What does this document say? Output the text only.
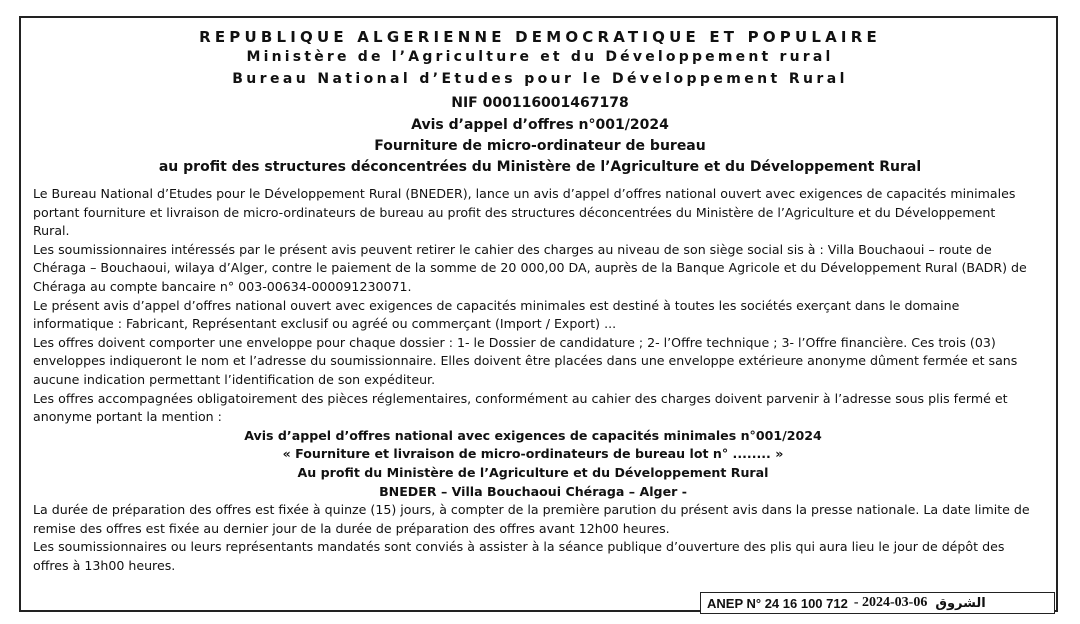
REPUBLIQUE ALGERIENNE DEMOCRATIQUE ET POPULAIRE
Ministère de l’Agriculture et du Développement rural
Bureau National d’Etudes pour le Développement Rural
NIF 000116001467178
Avis d’appel d’offres n°001/2024
Fourniture de micro-ordinateur de bureau
au profit des structures déconcentrées du Ministère de l’Agriculture et du Développement Rural

Le Bureau National d’Etudes pour le Développement Rural (BNEDER), lance un avis d’appel d’offres national ouvert avec exigences de capacités minimales portant fourniture et livraison de micro-ordinateurs de bureau au profit des structures déconcentrées du Ministère de l’Agriculture et du Développement Rural.

Les soumissionnaires intéressés par le présent avis peuvent retirer le cahier des charges au niveau de son siège social sis à : Villa Bouchaoui – route de Chéraga – Bouchaoui, wilaya d’Alger, contre le paiement de la somme de 20 000,00 DA, auprès de la Banque Agricole et du Développement Rural (BADR) de Chéraga au compte bancaire n° 003-00634-000091230071.

Le présent avis d’appel d’offres national ouvert avec exigences de capacités minimales est destiné à toutes les sociétés exerçant dans le domaine informatique : Fabricant, Représentant exclusif ou agréé ou commerçant (Import / Export) ...

Les offres doivent comporter une enveloppe pour chaque dossier : 1- le Dossier de candidature ; 2- l’Offre technique ; 3- l’Offre financière. Ces trois (03) enveloppes indiqueront le nom et l’adresse du soumissionnaire. Elles doivent être placées dans une enveloppe extérieure anonyme dûment fermée et sans aucune indication permettant l’identification de son expéditeur.

Les offres accompagnées obligatoirement des pièces réglementaires, conformément au cahier des charges doivent parvenir à l’adresse sous plis fermé et anonyme portant la mention :

Avis d’appel d’offres national avec exigences de capacités minimales n°001/2024

« Fourniture et livraison de micro-ordinateurs de bureau lot n° ........ »

Au profit du Ministère de l’Agriculture et du Développement Rural

BNEDER – Villa Bouchaoui Chéraga – Alger -

La durée de préparation des offres est fixée à quinze (15) jours, à compter de la première parution du présent avis dans la presse nationale. La date limite de remise des offres est fixée au dernier jour de la durée de préparation des offres avant 12h00 heures.

Les soumissionnaires ou leurs représentants mandatés sont conviés à assister à la séance publique d’ouverture des plis qui aura lieu le jour de dépôt des offres à 13h00 heures.

ANEP N° 24 16 100 712 - 2024-03-06 الشروق
